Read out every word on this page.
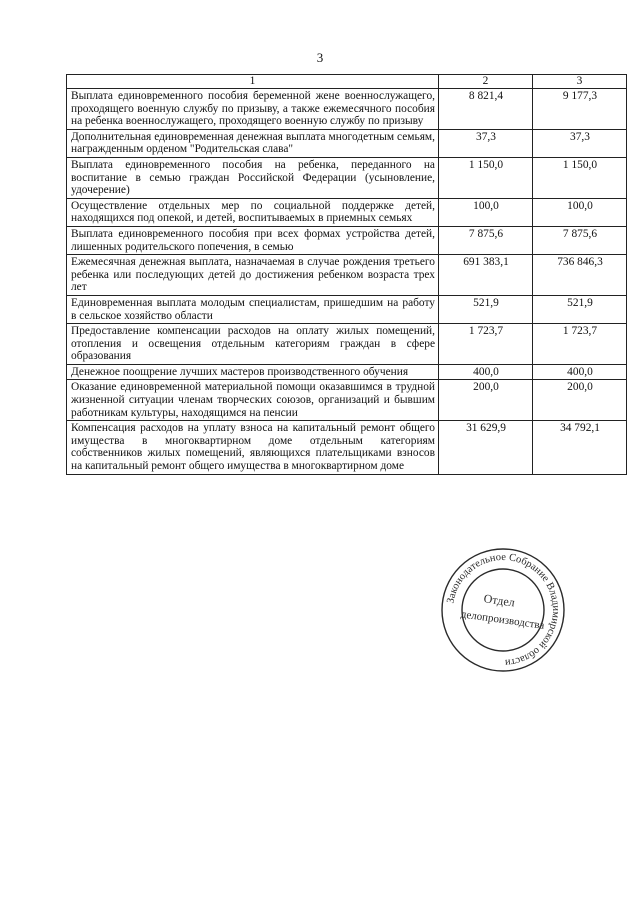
3
1	2	3
Выплата единовременного пособия беременной жене военнослужащего, проходящего военную службу по призыву, а также ежемесячного пособия на ребенка военнослужащего, проходящего военную службу по призыву	8 821,4	9 177,3
Дополнительная единовременная денежная выплата многодетным семьям, награжденным орденом "Родительская слава"	37,3	37,3
Выплата единовременного пособия на ребенка, переданного на воспитание в семью граждан Российской Федерации (усыновление, удочерение)	1 150,0	1 150,0
Осуществление отдельных мер по социальной поддержке детей, находящихся под опекой, и детей, воспитываемых в приемных семьях	100,0	100,0
Выплата единовременного пособия при всех формах устройства детей, лишенных родительского попечения, в семью	7 875,6	7 875,6
Ежемесячная денежная выплата, назначаемая в случае рождения третьего ребенка или последующих детей до достижения ребенком возраста трех лет	691 383,1	736 846,3
Единовременная выплата молодым специалистам, пришедшим на работу в сельское хозяйство области	521,9	521,9
Предоставление компенсации расходов на оплату жилых помещений, отопления и освещения отдельным категориям граждан в сфере образования	1 723,7	1 723,7
Денежное поощрение лучших мастеров производственного обучения	400,0	400,0
Оказание единовременной материальной помощи оказавшимся в трудной жизненной ситуации членам творческих союзов, организаций и бывшим работникам культуры, находящимся на пенсии	200,0	200,0
Компенсация расходов на уплату взноса на капитальный ремонт общего имущества в многоквартирном доме отдельным категориям собственников жилых помещений, являющихся плательщиками взносов на капитальный ремонт общего имущества в многоквартирном доме	31 629,9	34 792,1
Законодательное Собрание Владимирской области
Отдел
делопроизводства
